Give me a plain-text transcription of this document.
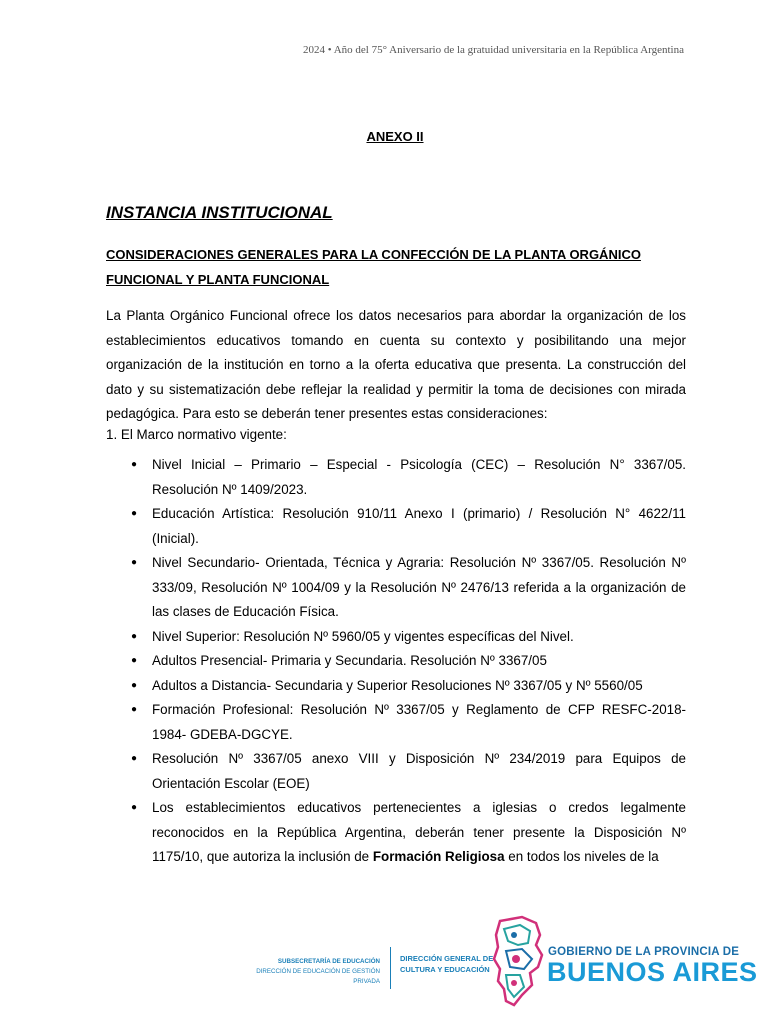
2024 • Año del 75° Aniversario de la gratuidad universitaria en la República Argentina
ANEXO II
INSTANCIA INSTITUCIONAL
CONSIDERACIONES GENERALES PARA LA CONFECCIÓN DE LA PLANTA ORGÁNICO FUNCIONAL Y PLANTA FUNCIONAL
La Planta Orgánico Funcional ofrece los datos necesarios para abordar la organización de los establecimientos educativos tomando en cuenta su contexto y posibilitando una mejor organización de la institución en torno a la oferta educativa que presenta. La construcción del dato y su sistematización debe reflejar la realidad y permitir la toma de decisiones con mirada pedagógica. Para esto se deberán tener presentes estas consideraciones:
1. El Marco normativo vigente:
● Nivel Inicial – Primario – Especial - Psicología (CEC) – Resolución N° 3367/05. Resolución Nº 1409/2023.
● Educación Artística: Resolución 910/11 Anexo I (primario) / Resolución N° 4622/11 (Inicial).
● Nivel Secundario- Orientada, Técnica y Agraria: Resolución Nº 3367/05. Resolución Nº 333/09, Resolución Nº 1004/09 y la Resolución Nº 2476/13 referida a la organización de las clases de Educación Física.
● Nivel Superior: Resolución Nº 5960/05 y vigentes específicas del Nivel.
● Adultos Presencial- Primaria y Secundaria. Resolución Nº 3367/05
● Adultos a Distancia- Secundaria y Superior Resoluciones Nº 3367/05 y Nº 5560/05
● Formación Profesional: Resolución Nº 3367/05 y Reglamento de CFP RESFC-2018-1984- GDEBA-DGCYE.
● Resolución Nº 3367/05 anexo VIII y Disposición Nº 234/2019 para Equipos de Orientación Escolar (EOE)
● Los establecimientos educativos pertenecientes a iglesias o credos legalmente reconocidos en la República Argentina, deberán tener presente la Disposición Nº 1175/10, que autoriza la inclusión de Formación Religiosa en todos los niveles de la
SUBSECRETARÍA DE EDUCACIÓN
DIRECCIÓN DE EDUCACIÓN DE GESTIÓN PRIVADA
DIRECCIÓN GENERAL DE
CULTURA Y EDUCACIÓN
GOBIERNO DE LA PROVINCIA DE
BUENOS AIRES
